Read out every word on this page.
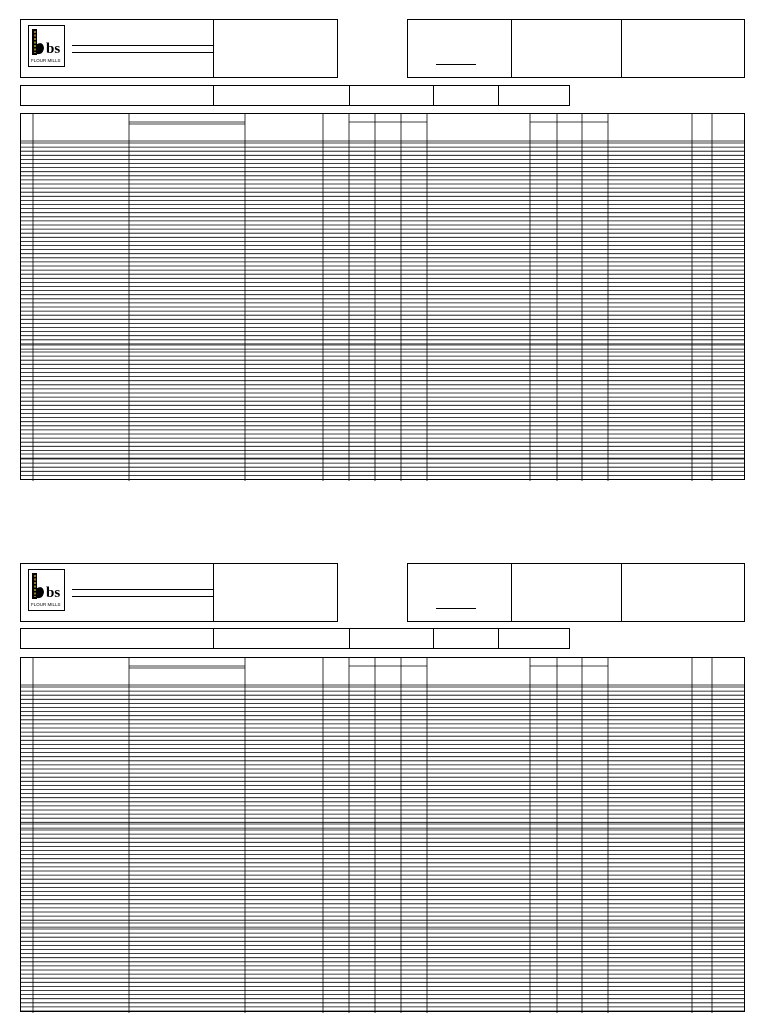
bs
FLOUR MILLS
bs
FLOUR MILLS
